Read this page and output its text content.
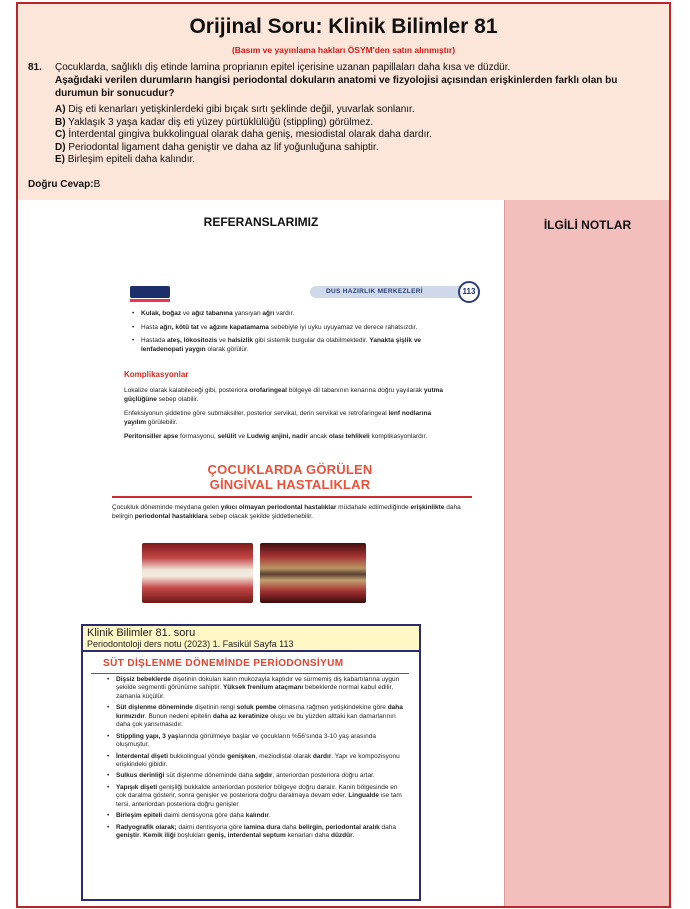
Orijinal Soru: Klinik Bilimler 81
(Basım ve yayınlama hakları ÖSYM'den satın alınmıştır)
81. Çocuklarda, sağlıklı diş etinde lamina proprianın epitel içerisine uzanan papillaları daha kısa ve düzdür.
Aşağıdaki verilen durumların hangisi periodontal dokuların anatomi ve fizyolojisi açısından erişkinlerden farklı olan bu durumun bir sonucudur?
A) Diş eti kenarları yetişkinlerdeki gibi bıçak sırtı şeklinde değil, yuvarlak sonlanır.
B) Yaklaşık 3 yaşa kadar diş eti yüzey pürtüklülüğü (stippling) görülmez.
C) İnterdental gingiva bukkolingual olarak daha geniş, mesiodistal olarak daha dardır.
D) Periodontal ligament daha geniştir ve daha az lif yoğunluğuna sahiptir.
E) Birleşim epiteli daha kalındır.
Doğru Cevap:B
REFERANSLARIMIZ
DUS HAZIRLIK MERKEZLERİ	113
• Kulak, boğaz ve ağız tabanına yansıyan ağrı vardır.
• Hasta ağrı, kötü tat ve ağzını kapatamama sebebiyle iyi uyku uyuyamaz ve derece rahatsızdır.
• Hastada ateş, lökositozis ve halsizlik gibi sistemik bulgular da olabilmektedir. Yanakta şişlik ve lenfadenopati yaygın olarak görülür.
Komplikasyonlar

Lokalize olarak kalabileceği gibi, posteriora orofaringeal bölgeye dil tabanının kenarına doğru yayılarak yutma güçlüğüne sebep olabilir.

Enfeksiyonun şiddetine göre submaksiller, posterior servikal, derin servikal ve retrofaringeal lenf nodlarına yayılım görülebilir.

Peritonsiller apse formasyonu, selülit ve Ludwig anjini, nadir ancak olası tehlikeli komplikasyonlardır.

ÇOCUKLARDA GÖRÜLEN
GİNGİVAL HASTALIKLAR
Çocukluk döneminde meydana gelen yıkıcı olmayan periodontal hastalıklar müdahale edilmediğinde erişkinlikte daha belirgin periodontal hastalıklara sebep olacak şekilde şiddetlenebilir.
Klinik Bilimler 81. soru
Periodontoloji ders notu (2023) 1. Fasikül Sayfa 113
SÜT DİŞLENME DÖNEMİNDE PERİODONSİYUM
• Dişsiz bebeklerde dişetinin dokuları kalın mukozayla kaplıdır ve sürmemiş diş kabartılarına uygun şekilde segmentli görünüme sahiptir. Yüksek frenilum ataçmanı bebeklerde normal kabul edilir, zamanla küçülür.
• Süt dişlenme döneminde dişetinin rengi soluk pembe olmasına rağmen yetişkindekine göre daha kırmızıdır. Bunun nedeni epitelin daha az keratinize oluşu ve bu yüzden alttaki kan damarlarının daha çok yansımasıdır.
• Stippling yapı, 3 yaşlarında görülmeye başlar ve çocukların %56'sında 3-10 yaş arasında oluşmuştur.
• İnterdental dişeti bukkolingual yönde genişken, meziodistal olarak dardır. Yapı ve kompozisyonu erişkindeki gibidir.
• Sulkus derinliği süt dişlenme döneminde daha sığdır, anteriordan posteriora doğru artar.
• Yapışık dişeti genişliği bukkalde anteriordan posterior bölgeye doğru daralır. Kanin bölgesinde en çok daralma gösterir, sonra genişler ve posteriora doğru daralmaya devam eder. Lingualde ise tam tersi, anteriordan posteriora doğru genişler
• Birleşim epiteli daimi dentisyona göre daha kalındır.
• Radyografik olarak; daimi dentisyona göre lamina dura daha belirgin, periodontal aralık daha geniştir. Kemik iliği boşlukları geniş, interdental septum kenarları daha düzdür.
İLGİLİ NOTLAR
